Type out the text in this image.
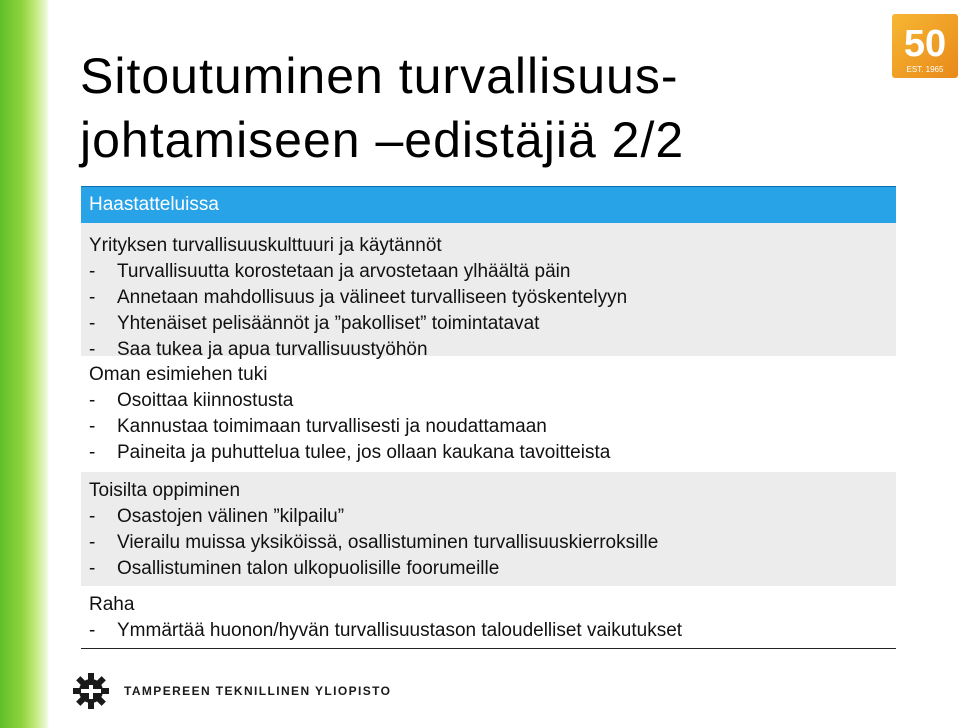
50
EST. 1965
Sitoutuminen turvallisuus-
johtamiseen –edistäjiä 2/2
Haastatteluissa
Yrityksen turvallisuuskulttuuri ja käytännöt
- Turvallisuutta korostetaan ja arvostetaan ylhäältä päin
- Annetaan mahdollisuus ja välineet turvalliseen työskentelyyn
- Yhtenäiset pelisäännöt ja ”pakolliset” toimintatavat
- Saa tukea ja apua turvallisuustyöhön
Oman esimiehen tuki
- Osoittaa kiinnostusta
- Kannustaa toimimaan turvallisesti ja noudattamaan
- Paineita ja puhuttelua tulee, jos ollaan kaukana tavoitteista
Toisilta oppiminen
- Osastojen välinen ”kilpailu”
- Vierailu muissa yksiköissä, osallistuminen turvallisuuskierroksille
- Osallistuminen talon ulkopuolisille foorumeille
Raha
- Ymmärtää huonon/hyvän turvallisuustason taloudelliset vaikutukset
TAMPEREEN TEKNILLINEN YLIOPISTO
